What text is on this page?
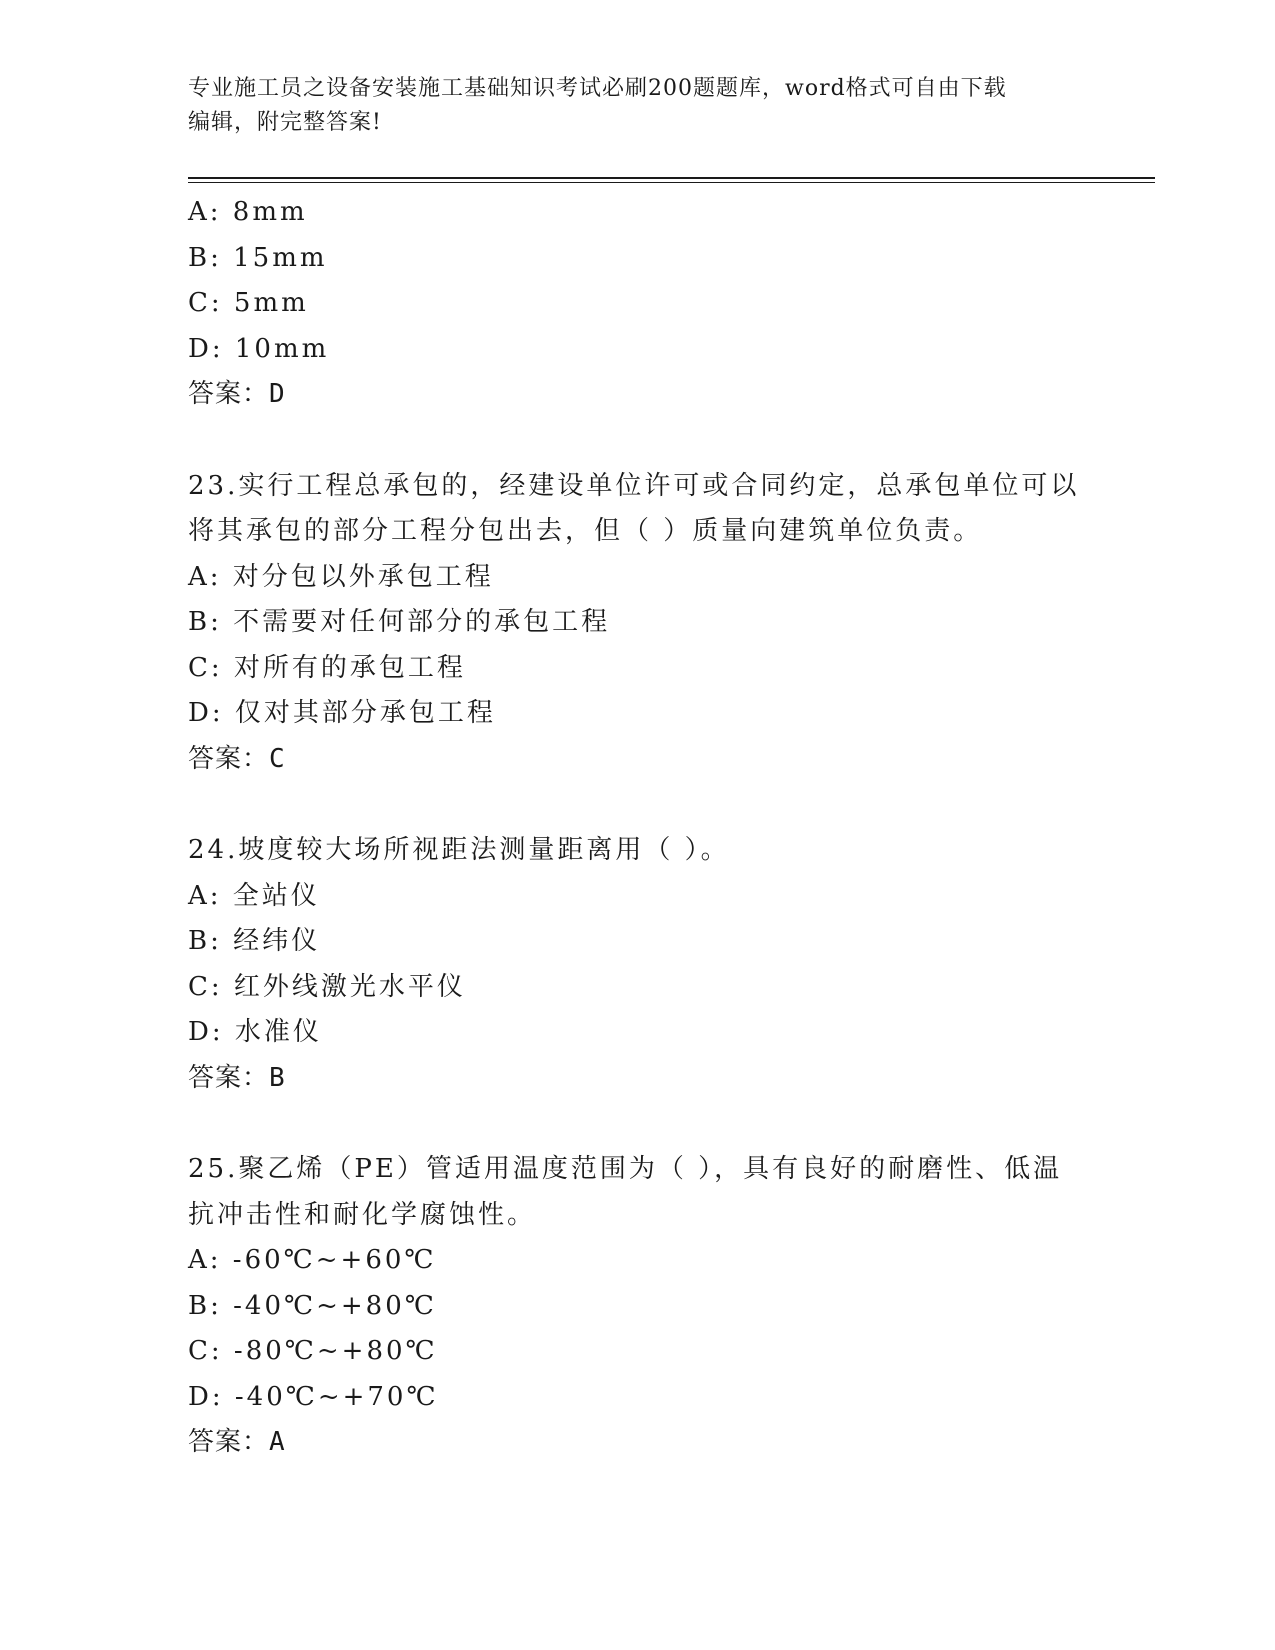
专业施工员之设备安装施工基础知识考试必刷200题题库，word格式可自由下载
编辑，附完整答案!
A: 8mm
B: 15mm
C: 5mm
D: 10mm
答案：D
23.实行工程总承包的，经建设单位许可或合同约定，总承包单位可以
将其承包的部分工程分包出去，但（ ）质量向建筑单位负责。
A: 对分包以外承包工程
B: 不需要对任何部分的承包工程
C: 对所有的承包工程
D: 仅对其部分承包工程
答案：C
24.坡度较大场所视距法测量距离用（ ）。
A: 全站仪
B: 经纬仪
C: 红外线激光水平仪
D: 水准仪
答案：B
25.聚乙烯（PE）管适用温度范围为（ ），具有良好的耐磨性、低温
抗冲击性和耐化学腐蚀性。
A: -60℃~+60℃
B: -40℃~+80℃
C: -80℃~+80℃
D: -40℃~+70℃
答案：A
